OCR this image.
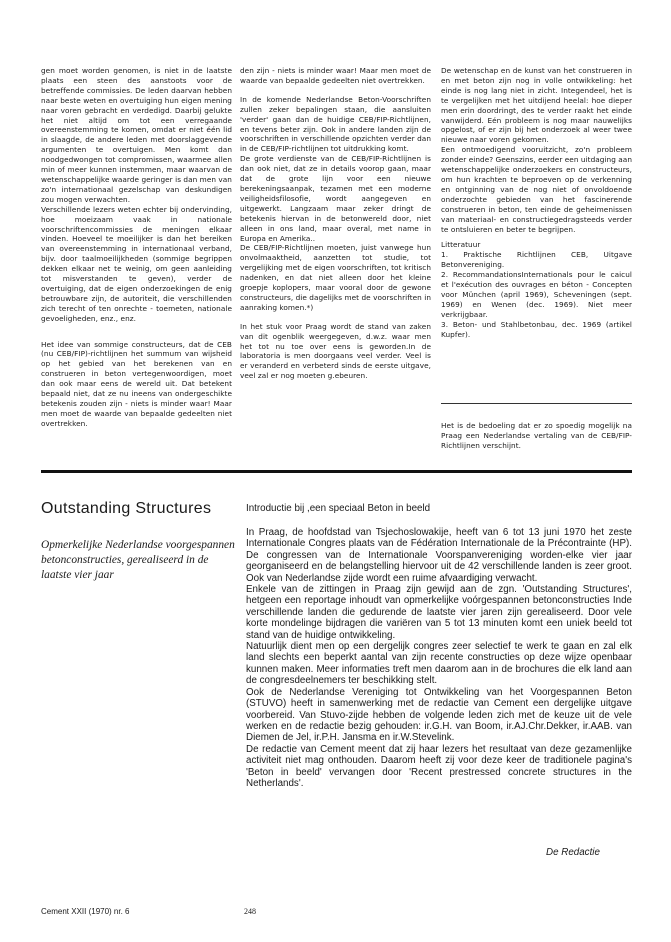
gen moet worden genomen, is niet in de laatste plaats een steen des aanstoots voor de betreffende commissies. De leden daarvan hebben naar beste weten en overtuiging hun eigen mening naar voren gebracht en verdedigd. Daarbij gelukte het niet altijd om tot een verregaande overeenstemming te komen, omdat er niet één lid in slaagde, de andere leden met doorslaggevende argumenten te overtuigen. Men komt dan noodgedwongen tot compromissen, waarmee allen min of meer kunnen instemmen, maar waarvan de wetenschappelijke waarde geringer is dan men van zo'n internationaal gezelschap van deskundigen zou mogen verwachten.

Verschillende lezers weten echter bij ondervinding, hoe moeizaam vaak in nationale voorschriftencommissies de meningen elkaar vinden. Hoeveel te moeilijker is dan het bereiken van overeenstemming in internationaal verband, bijv. door taalmoeilijkheden (sommige begrippen dekken elkaar net te weinig, om geen aanleiding tot misverstanden te geven), verder de overtuiging, dat de eigen onderzoekingen de enig betrouwbare zijn, de autoriteit, die verschillenden zich terecht of ten onrechte - toemeten, nationale gevoeligheden, enz., enz.

Het idee van sommige constructeurs, dat de CEB (nu CEB/FIP)-richtlijnen het summum van wijsheid op het gebied van het berekenen van en construeren in beton vertegenwoordigen, moet dan ook maar eens de wereld uit. Dat betekent bepaald niet, dat ze nu ineens van ondergeschikte betekenis zouden zijn - niets is minder waar! Maar men moet de waarde van bepaalde gedeelten niet overtrekken.

den zijn - niets is minder waar! Maar men moet de waarde van bepaalde gedeelten niet overtrekken.

In de komende Nederlandse Beton-Voorschriften zullen zeker bepalingen staan, die aansluiten 'verder' gaan dan de huidige CEB/FIP-Richtlijnen, en tevens beter zijn. Ook in andere landen zijn de voorschriften in verschillende opzichten verder dan in de CEB/FIP-richtlijnen tot uitdrukking komt.

De grote verdienste van de CEB/FIP-Richtlijnen is dan ook niet, dat ze in details voorop gaan, maar dat de grote lijn voor een nieuwe berekeningsaanpak, tezamen met een moderne veiligheidsfilosofie, wordt aangegeven en uitgewerkt. Langzaam maar zeker dringt de betekenis hiervan in de betonwereld door, niet alleen in ons land, maar overal, met name in Europa en Amerika..

De CEB/FIP-Richtlijnen moeten, juist vanwege hun onvolmaaktheid, aanzetten tot studie, tot vergelijking met de eigen voorschriften, tot kritisch nadenken, en dat niet alleen door het kleine groepje koplopers, maar vooral door de gewone constructeurs, die dagelijks met de voorschriften in aanraking komen.*)

In het stuk voor Praag wordt de stand van zaken van dit ogenblik weergegeven, d.w.z. waar men het tot nu toe over eens is geworden.In de laboratoria is men doorgaans veel verder. Veel is er veranderd en verbeterd sinds de eerste uitgave, veel zal er nog moeten g.ebeuren.

De wetenschap en de kunst van het construeren in en met beton zijn nog in volle ontwikkeling: het einde is nog lang niet in zicht. Integendeel, het is te vergelijken met het uitdijend heelal: hoe dieper men erin doordringt, des te verder raakt het einde vanwijderd. Eén probleem is nog maar nauwelijks opgelost, of er zijn bij het onderzoek al weer twee nieuwe naar voren gekomen.

Een ontmoedigend vooruitzicht, zo'n probleem zonder einde? Geenszins, eerder een uitdaging aan wetenschappelijke onderzoekers en constructeurs, om hun krachten te beproeven op de verkenning en ontginning van de nog niet of onvoldoende onderzochte gebieden van het fascinerende construeren in beton, ten einde de geheimenissen van materiaal- en constructiegedragsteeds verder te ontsluieren en beter te begrijpen.

Litteratuur

1. Praktische Richtlijnen CEB, Uitgave Betonvereniging.

2. RecommandationsInternationals pour le caicul et l'exécution des ouvrages en béton - Concepten voor München (april 1969), Scheveningen (sept. 1969) en Wenen (dec. 1969). Niet meer verkrijgbaar.

3. Beton- und Stahlbetonbau, dec. 1969 (artikel Kupfer).

Het is de bedoeling dat er zo spoedig mogelijk na Praag een Nederlandse vertaling van de CEB/FIP-Richtlijnen verschijnt.

Outstanding Structures
Opmerkelijke Nederlandse voorgespannen betonconstructies, gerealiseerd in de laatste vier jaar
Introductie bij ,een speciaal Beton in beeld

In Praag, de hoofdstad van Tsjechoslowakije, heeft van 6 tot 13 juni 1970 het zeste Internationale Congres plaats van de Fédération Internationale de la Précontrainte (HP). De congressen van de Internationale Voorspanvereniging worden-elke vier jaar georganiseerd en de belangstelling hiervoor uit de 42 verschillende landen is zeer groot. Ook van Nederlandse zijde wordt een ruime afvaardiging verwacht.

Enkele van de zittingen in Praag zijn gewijd aan de zgn. 'Outstanding Structures', hetgeen een reportage inhoudt van opmerkelijke voórgespannen betonconstructies Inde verschillende landen die gedurende de laatste vier jaren zijn gerealiseerd. Door vele korte mondelinge bijdragen die variëren van 5 tot 13 minuten komt een uniek beeld tot stand van de huidige ontwikkeling.

Natuurlijk dient men op een dergelijk congres zeer selectief te werk te gaan en zal elk land slechts een beperkt aantal van zijn recente constructies op deze wijze openbaar kunnen maken. Meer informaties treft men daarom aan in de brochures die elk land aan de congresdeelnemers ter beschikking stelt.

Ook de Nederlandse Vereniging tot Ontwikkeling van het Voorgespannen Beton (STUVO) heeft in samenwerking met de redactie van Cement een dergelijke uitgave voorbereid. Van Stuvo-zijde hebben de volgende leden zich met de keuze uit de vele werken en de redactie bezig gehouden: ir.G.H. van Boom, ir.AJ.Chr.Dekker, ir.AAB. van Diemen de Jel, ir.P.H. Jansma en ir.W.Stevelink.

De redactie van Cement meent dat zij haar lezers het resultaat van deze gezamenlijke activiteit niet mag onthouden. Daarom heeft zij voor deze keer de traditionele pagina's 'Beton in beeld' vervangen door 'Recent prestressed concrete structures in the Netherlands'.

De Redactie
Cement XXII (1970) nr. 6	248
